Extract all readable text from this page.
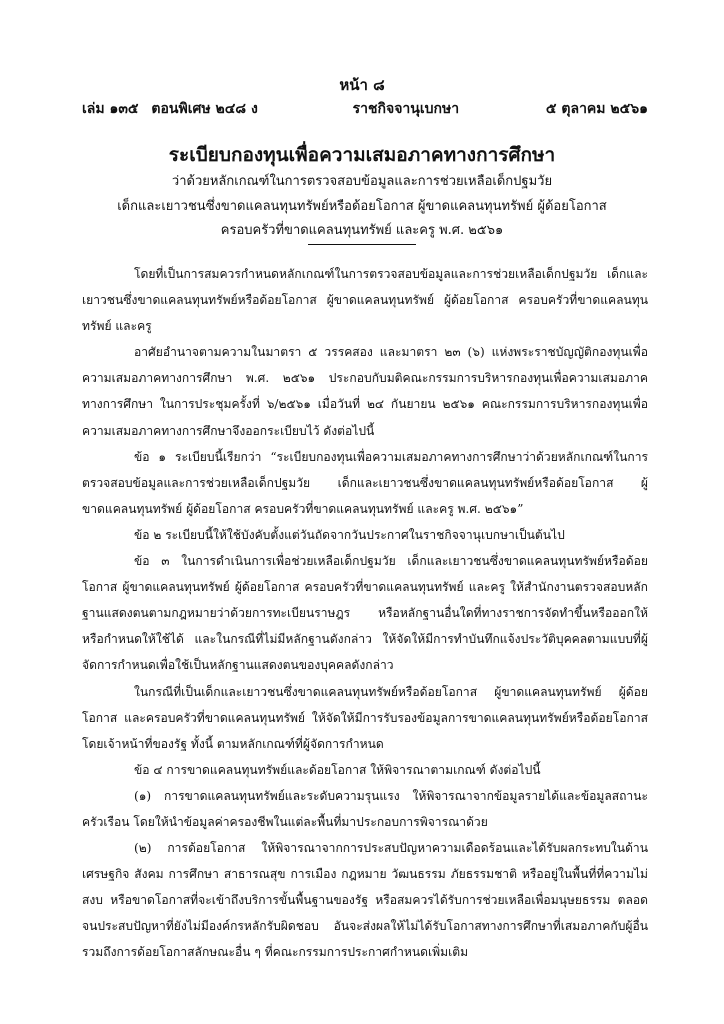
หน้า ๘
เล่ม ๑๓๕ ตอนพิเศษ ๒๔๘ ง	ราชกิจจานุเบกษา	๕ ตุลาคม ๒๕๖๑
ระเบียบกองทุนเพื่อความเสมอภาคทางการศึกษา
ว่าด้วยหลักเกณฑ์ในการตรวจสอบข้อมูลและการช่วยเหลือเด็กปฐมวัย
เด็กและเยาวชนซึ่งขาดแคลนทุนทรัพย์หรือด้อยโอกาส ผู้ขาดแคลนทุนทรัพย์ ผู้ด้อยโอกาส
ครอบครัวที่ขาดแคลนทุนทรัพย์ และครู พ.ศ. ๒๕๖๑

โดยที่เป็นการสมควรกำหนดหลักเกณฑ์ในการตรวจสอบข้อมูลและการช่วยเหลือเด็กปฐมวัย เด็กและเยาวชนซึ่งขาดแคลนทุนทรัพย์หรือด้อยโอกาส ผู้ขาดแคลนทุนทรัพย์ ผู้ด้อยโอกาส ครอบครัวที่ขาดแคลนทุนทรัพย์ และครู

อาศัยอำนาจตามความในมาตรา ๕ วรรคสอง และมาตรา ๒๓ (๖) แห่งพระราชบัญญัติกองทุนเพื่อความเสมอภาคทางการศึกษา พ.ศ. ๒๕๖๑ ประกอบกับมติคณะกรรมการบริหารกองทุนเพื่อความเสมอภาคทางการศึกษา ในการประชุมครั้งที่ ๖/๒๕๖๑ เมื่อวันที่ ๒๔ กันยายน ๒๕๖๑ คณะกรรมการบริหารกองทุนเพื่อความเสมอภาคทางการศึกษาจึงออกระเบียบไว้ ดังต่อไปนี้

ข้อ ๑ ระเบียบนี้เรียกว่า “ระเบียบกองทุนเพื่อความเสมอภาคทางการศึกษาว่าด้วยหลักเกณฑ์ในการตรวจสอบข้อมูลและการช่วยเหลือเด็กปฐมวัย เด็กและเยาวชนซึ่งขาดแคลนทุนทรัพย์หรือด้อยโอกาส ผู้ขาดแคลนทุนทรัพย์ ผู้ด้อยโอกาส ครอบครัวที่ขาดแคลนทุนทรัพย์ และครู พ.ศ. ๒๕๖๑”

ข้อ ๒ ระเบียบนี้ให้ใช้บังคับตั้งแต่วันถัดจากวันประกาศในราชกิจจานุเบกษาเป็นต้นไป

ข้อ ๓ ในการดำเนินการเพื่อช่วยเหลือเด็กปฐมวัย เด็กและเยาวชนซึ่งขาดแคลนทุนทรัพย์หรือด้อยโอกาส ผู้ขาดแคลนทุนทรัพย์ ผู้ด้อยโอกาส ครอบครัวที่ขาดแคลนทุนทรัพย์ และครู ให้สำนักงานตรวจสอบหลักฐานแสดงตนตามกฎหมายว่าด้วยการทะเบียนราษฎร หรือหลักฐานอื่นใดที่ทางราชการจัดทำขึ้นหรือออกให้ หรือกำหนดให้ใช้ได้ และในกรณีที่ไม่มีหลักฐานดังกล่าว ให้จัดให้มีการทำบันทึกแจ้งประวัติบุคคลตามแบบที่ผู้จัดการกำหนดเพื่อใช้เป็นหลักฐานแสดงตนของบุคคลดังกล่าว

ในกรณีที่เป็นเด็กและเยาวชนซึ่งขาดแคลนทุนทรัพย์หรือด้อยโอกาส ผู้ขาดแคลนทุนทรัพย์ ผู้ด้อยโอกาส และครอบครัวที่ขาดแคลนทุนทรัพย์ ให้จัดให้มีการรับรองข้อมูลการขาดแคลนทุนทรัพย์หรือด้อยโอกาสโดยเจ้าหน้าที่ของรัฐ ทั้งนี้ ตามหลักเกณฑ์ที่ผู้จัดการกำหนด

ข้อ ๔ การขาดแคลนทุนทรัพย์และด้อยโอกาส ให้พิจารณาตามเกณฑ์ ดังต่อไปนี้

(๑) การขาดแคลนทุนทรัพย์และระดับความรุนแรง ให้พิจารณาจากข้อมูลรายได้และข้อมูลสถานะครัวเรือน โดยให้นำข้อมูลค่าครองชีพในแต่ละพื้นที่มาประกอบการพิจารณาด้วย

(๒) การด้อยโอกาส ให้พิจารณาจากการประสบปัญหาความเดือดร้อนและได้รับผลกระทบในด้านเศรษฐกิจ สังคม การศึกษา สาธารณสุข การเมือง กฎหมาย วัฒนธรรม ภัยธรรมชาติ หรืออยู่ในพื้นที่ที่ความไม่สงบ หรือขาดโอกาสที่จะเข้าถึงบริการขั้นพื้นฐานของรัฐ หรือสมควรได้รับการช่วยเหลือเพื่อมนุษยธรรม ตลอดจนประสบปัญหาที่ยังไม่มีองค์กรหลักรับผิดชอบ อันจะส่งผลให้ไม่ได้รับโอกาสทางการศึกษาที่เสมอภาคกับผู้อื่น รวมถึงการด้อยโอกาสลักษณะอื่น ๆ ที่คณะกรรมการประกาศกำหนดเพิ่มเติม
